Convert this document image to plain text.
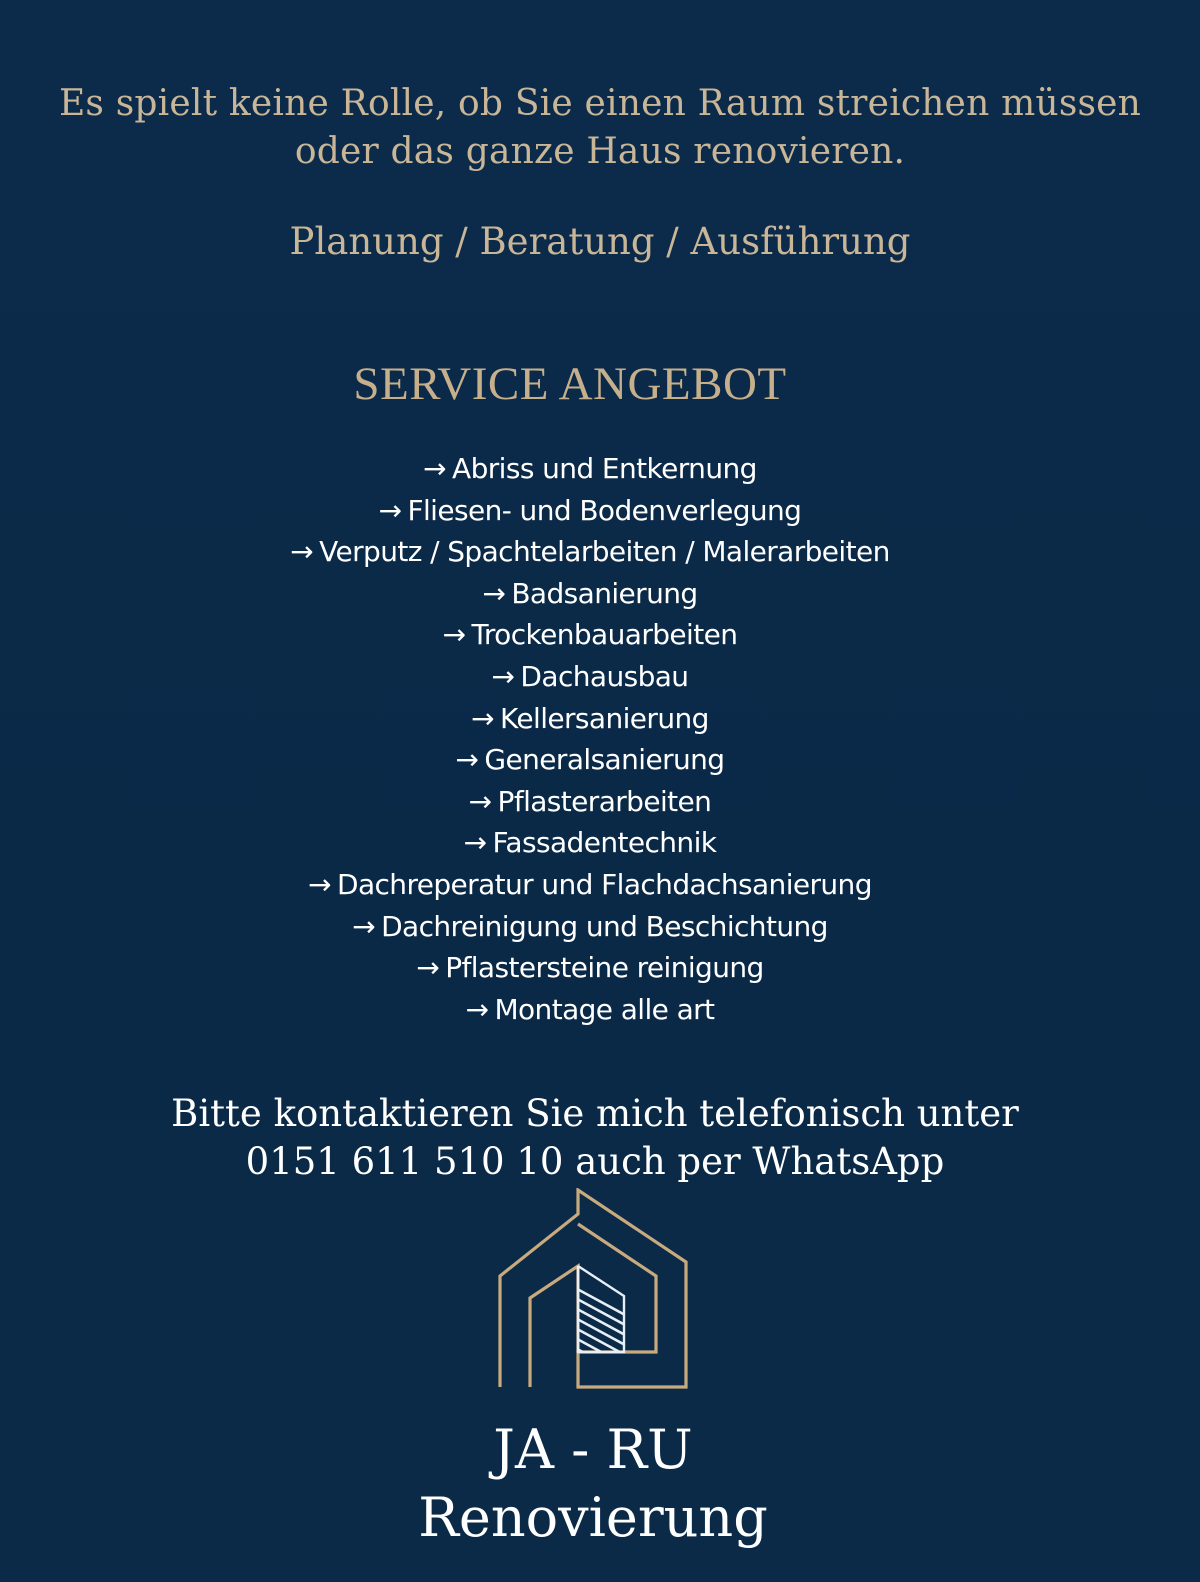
Es spielt keine Rolle, ob Sie einen Raum streichen müssen
oder das ganze Haus renovieren.
Planung / Beratung / Ausführung
SERVICE ANGEBOT
→ Abriss und Entkernung
→ Fliesen- und Bodenverlegung
→ Verputz / Spachtelarbeiten / Malerarbeiten
→ Badsanierung
→ Trockenbauarbeiten
→ Dachausbau
→ Kellersanierung
→ Generalsanierung
→ Pflasterarbeiten
→ Fassadentechnik
→ Dachreperatur und Flachdachsanierung
→ Dachreinigung und Beschichtung
→ Pflastersteine reinigung
→ Montage alle art
Bitte kontaktieren Sie mich telefonisch unter
0151 611 510 10 auch per WhatsApp
JA - RU
Renovierung
